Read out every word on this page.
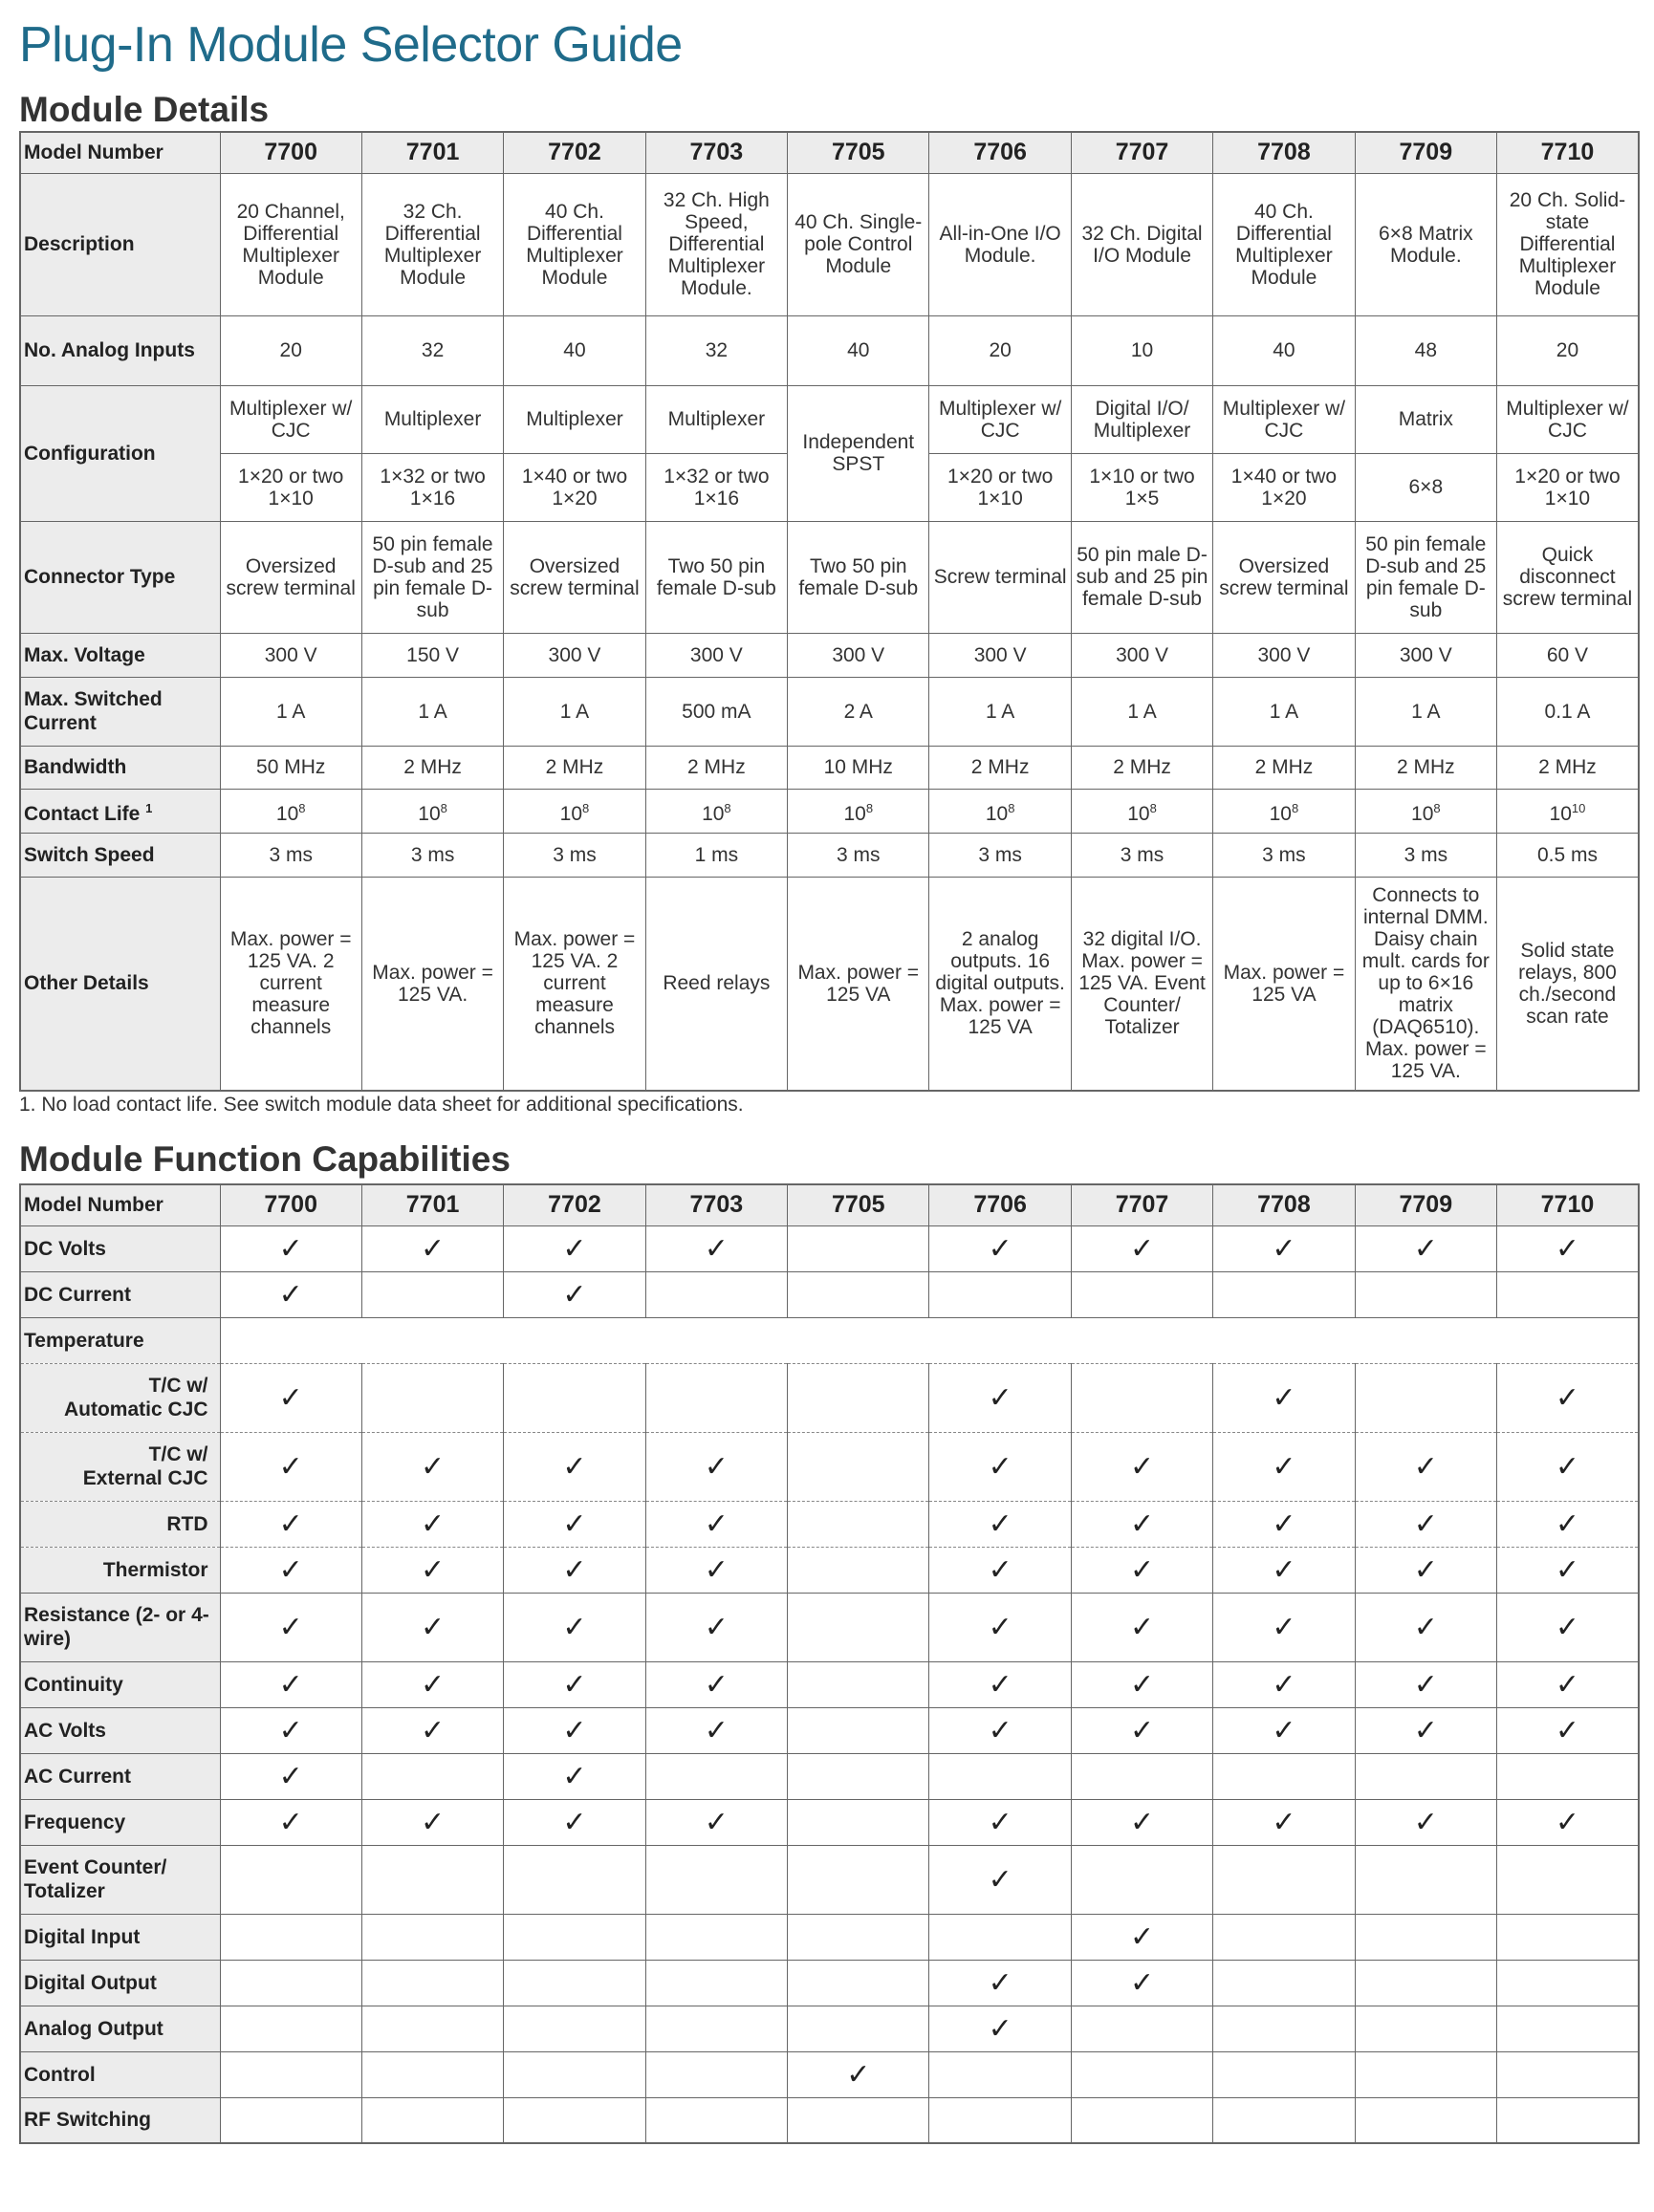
Plug-In Module Selector Guide
Module Details
Model Number	7700	7701	7702	7703	7705	7706	7707	7708	7709	7710
Description	20 Channel, Differential Multiplexer Module	32 Ch. Differential Multiplexer Module	40 Ch. Differential Multiplexer Module	32 Ch. High Speed, Differential Multiplexer Module.	40 Ch. Single-pole Control Module	All-in-One I/O Module.	32 Ch. Digital I/O Module	40 Ch. Differential Multiplexer Module	6×8 Matrix Module.	20 Ch. Solid-state Differential Multiplexer Module
No. Analog Inputs	20	32	40	32	40	20	10	40	48	20
Configuration	Multiplexer w/ CJC	Multiplexer	Multiplexer	Multiplexer	Independent SPST	Multiplexer w/ CJC	Digital I/O/ Multiplexer	Multiplexer w/ CJC	Matrix	Multiplexer w/ CJC
	1×20 or two 1×10	1×32 or two 1×16	1×40 or two 1×20	1×32 or two 1×16		1×20 or two 1×10	1×10 or two 1×5	1×40 or two 1×20	6×8	1×20 or two 1×10
Connector Type	Oversized screw terminal	50 pin female D-sub and 25 pin female D-sub	Oversized screw terminal	Two 50 pin female D-sub	Two 50 pin female D-sub	Screw terminal	50 pin male D-sub and 25 pin female D-sub	Oversized screw terminal	50 pin female D-sub and 25 pin female D-sub	Quick disconnect screw terminal
Max. Voltage	300 V	150 V	300 V	300 V	300 V	300 V	300 V	300 V	300 V	60 V
Max. Switched Current	1 A	1 A	1 A	500 mA	2 A	1 A	1 A	1 A	1 A	0.1 A
Bandwidth	50 MHz	2 MHz	2 MHz	2 MHz	10 MHz	2 MHz	2 MHz	2 MHz	2 MHz	2 MHz
Contact Life $^1$	$10^8$	$10^8$	$10^8$	$10^8$	$10^8$	$10^8$	$10^8$	$10^8$	$10^8$	$10^{10}$
Switch Speed	3 ms	3 ms	3 ms	1 ms	3 ms	3 ms	3 ms	3 ms	3 ms	0.5 ms
Other Details	Max. power = 125 VA. 2 current measure channels	Max. power = 125 VA.	Max. power = 125 VA. 2 current measure channels	Reed relays	Max. power = 125 VA	2 analog outputs. 16 digital outputs. Max. power = 125 VA	32 digital I/O. Max. power = 125 VA. Event Counter/ Totalizer	Max. power = 125 VA	Connects to internal DMM. Daisy chain mult. cards for up to 6×16 matrix (DAQ6510). Max. power = 125 VA.	Solid state relays, 800 ch./second scan rate
1. No load contact life. See switch module data sheet for additional specifications.
Module Function Capabilities
Model Number	7700	7701	7702	7703	7705	7706	7707	7708	7709	7710
DC Volts	✓	✓	✓	✓		✓	✓	✓	✓	✓
DC Current	✓		✓							
Temperature										

T/C w/
Automatic CJC	✓					✓		✓		✓

T/C w/
External CJC	✓	✓	✓	✓		✓	✓	✓	✓	✓
RTD	✓	✓	✓	✓		✓	✓	✓	✓	✓
Thermistor	✓	✓	✓	✓		✓	✓	✓	✓	✓
Resistance (2- or 4-wire)	✓	✓	✓	✓		✓	✓	✓	✓	✓
Continuity	✓	✓	✓	✓		✓	✓	✓	✓	✓
AC Volts	✓	✓	✓	✓		✓	✓	✓	✓	✓
AC Current	✓		✓							
Frequency	✓	✓	✓	✓		✓	✓	✓	✓	✓
Event Counter/ Totalizer						✓				
Digital Input							✓			
Digital Output						✓	✓			
Analog Output						✓				
Control					✓					
RF Switching										
